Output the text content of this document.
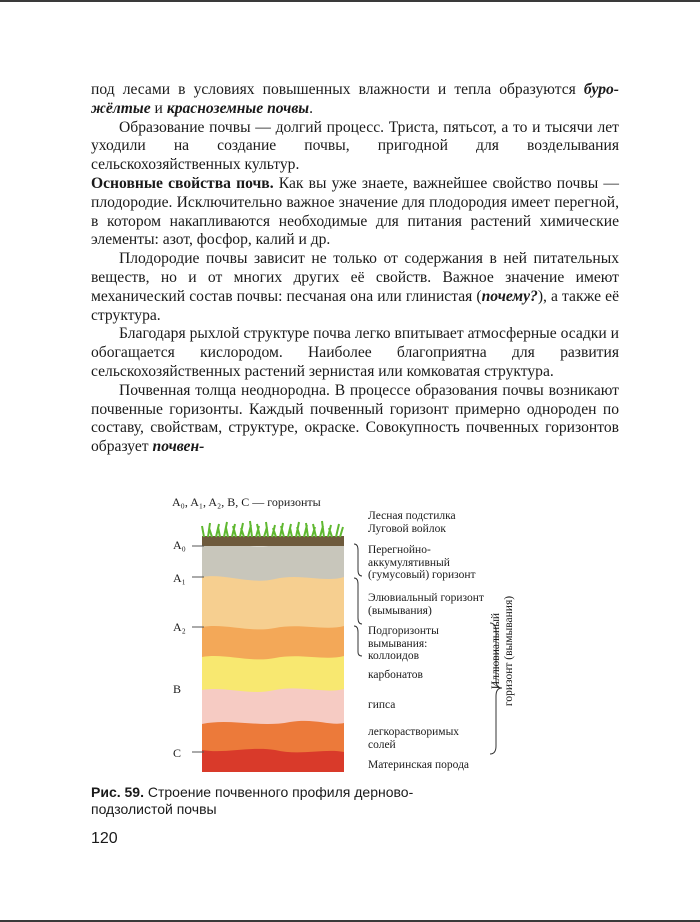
под лесами в условиях повышенных влажности и тепла образуются буро-жёлтые и красноземные почвы.

Образование почвы — долгий процесс. Триста, пятьсот, а то и тысячи лет уходили на создание почвы, пригодной для возделывания сельскохозяйственных культур.

Основные свойства почв. Как вы уже знаете, важнейшее свойство почвы — плодородие. Исключительно важное значение для плодородия имеет перегной, в котором накапливаются необходимые для питания растений химические элементы: азот, фосфор, калий и др.

Плодородие почвы зависит не только от содержания в ней питательных веществ, но и от многих других её свойств. Важное значение имеют механический состав почвы: песчаная она или глинистая (почему?), а также её структура.

Благодаря рыхлой структуре почва легко впитывает атмосферные осадки и обогащается кислородом. Наиболее благоприятна для развития сельскохозяйственных растений зернистая или комковатая структура.

Почвенная толща неоднородна. В процессе образования почвы возникают почвенные горизонты. Каждый почвенный горизонт примерно однороден по составу, свойствам, структуре, окраске. Совокупность почвенных горизонтов образует почвен-

A₀, A₁, A₂, B, C — горизонты
A₀
A₁
A₂
B
C
Лесная подстилка
Луговой войлок
Перегнойно-
аккумулятивный
(гумусовый) горизонт
Элювиальный горизонт
(вымывания)
Подгоризонты
вымывания:
коллоидов
карбонатов
гипса
легкорастворимых
солей
Материнская порода
Иллювиальный горизонт (вымывания)
Рис. 59. Строение почвенного профиля дерново-подзолистой почвы
120
